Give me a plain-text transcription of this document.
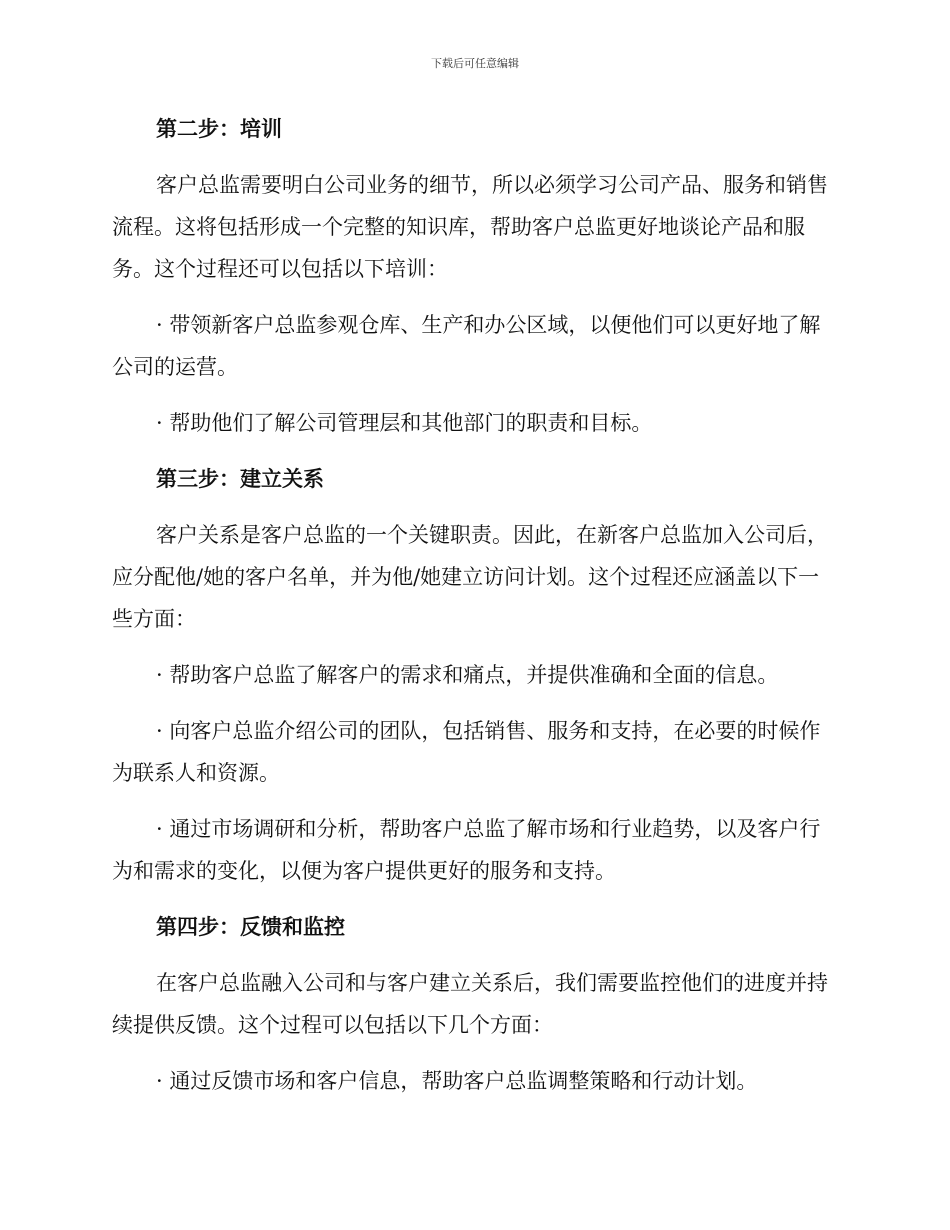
下载后可任意编辑
第二步：培训
客户总监需要明白公司业务的细节，所以必须学习公司产品、服务和销售流程。这将包括形成一个完整的知识库，帮助客户总监更好地谈论产品和服务。这个过程还可以包括以下培训：
· 带领新客户总监参观仓库、生产和办公区域，以便他们可以更好地了解公司的运营。
· 帮助他们了解公司管理层和其他部门的职责和目标。
第三步：建立关系
客户关系是客户总监的一个关键职责。因此，在新客户总监加入公司后，应分配他/她的客户名单，并为他/她建立访问计划。这个过程还应涵盖以下一些方面：
· 帮助客户总监了解客户的需求和痛点，并提供准确和全面的信息。
· 向客户总监介绍公司的团队，包括销售、服务和支持，在必要的时候作为联系人和资源。
· 通过市场调研和分析，帮助客户总监了解市场和行业趋势，以及客户行为和需求的变化，以便为客户提供更好的服务和支持。
第四步：反馈和监控
在客户总监融入公司和与客户建立关系后，我们需要监控他们的进度并持续提供反馈。这个过程可以包括以下几个方面：
· 通过反馈市场和客户信息，帮助客户总监调整策略和行动计划。
